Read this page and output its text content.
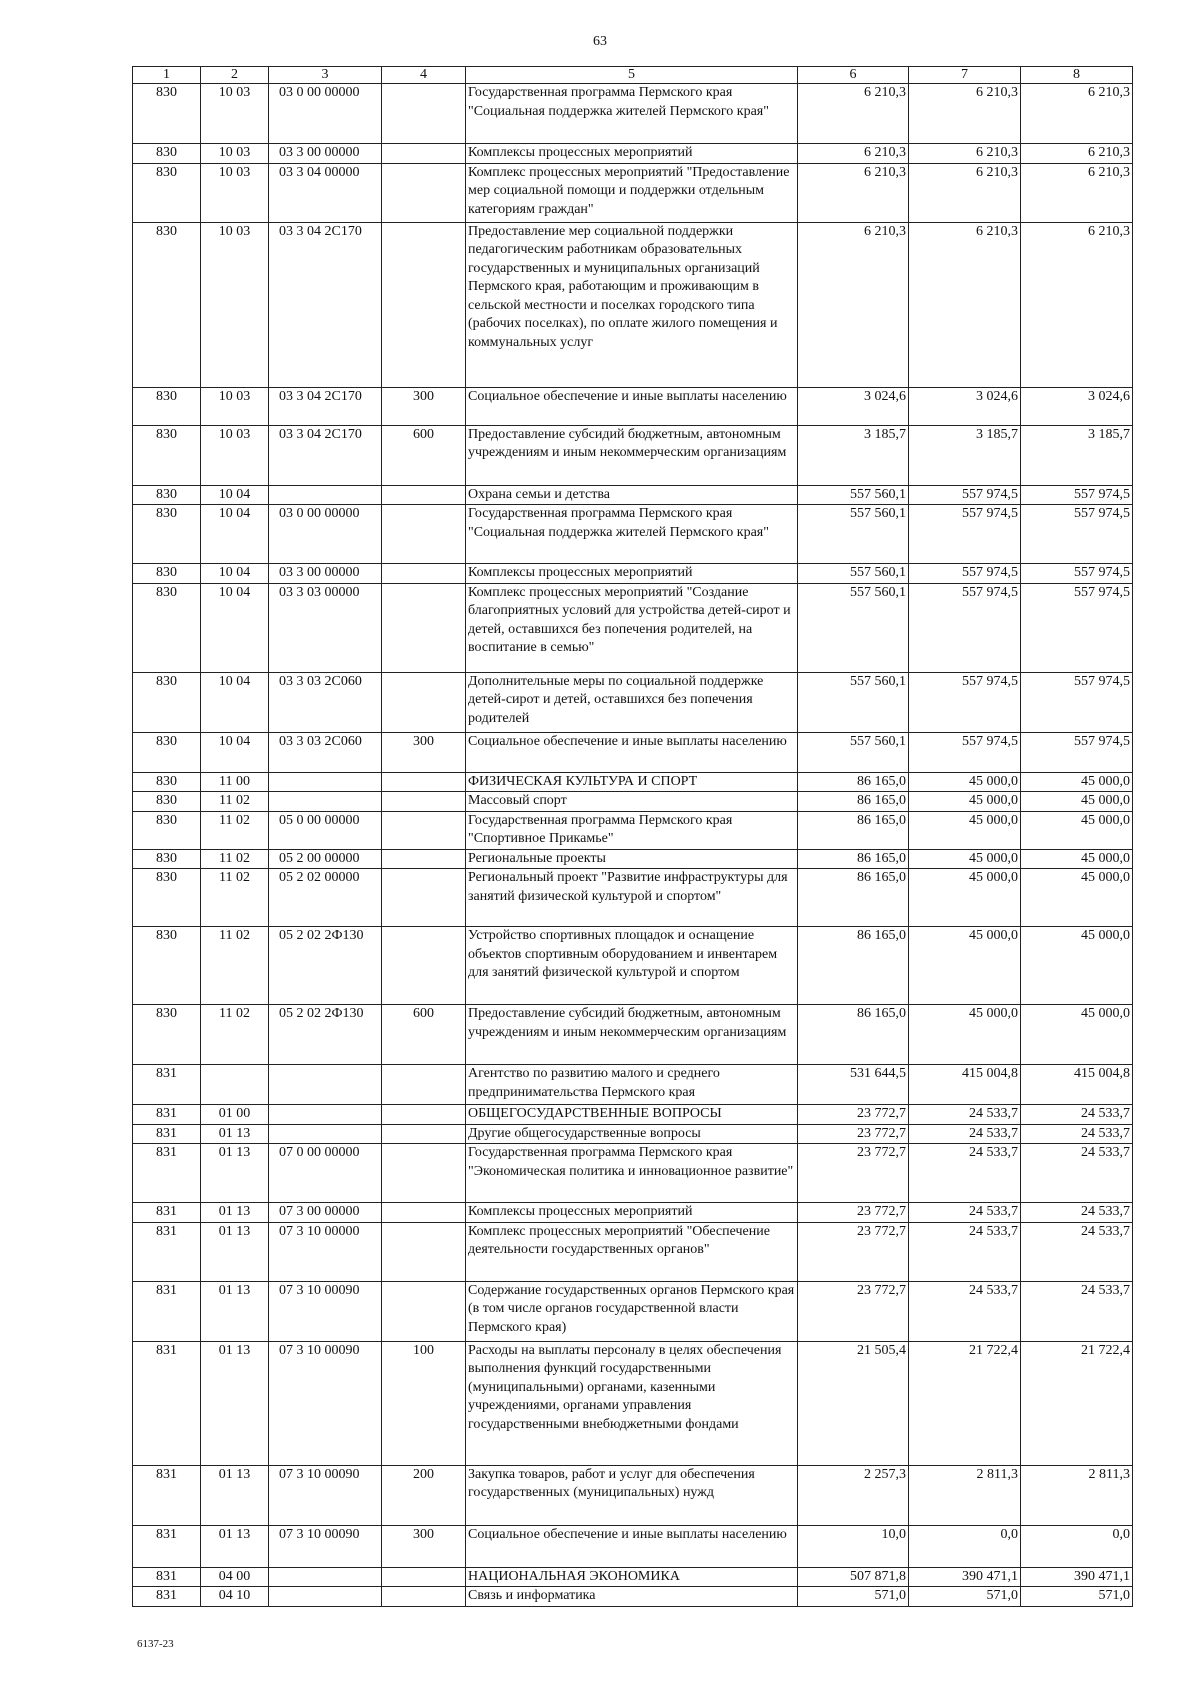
63
1	2	3	4	5	6	7	8
830	10 03	03 0 00 00000		Государственная программа Пермского края "Социальная поддержка жителей Пермского края"	6 210,3	6 210,3	6 210,3
830	10 03	03 3 00 00000		Комплексы процессных мероприятий	6 210,3	6 210,3	6 210,3
830	10 03	03 3 04 00000		Комплекс процессных мероприятий "Предоставление мер социальной помощи и поддержки отдельным категориям граждан"	6 210,3	6 210,3	6 210,3
830	10 03	03 3 04 2С170		Предоставление мер социальной поддержки педагогическим работникам образовательных государственных и муниципальных организаций Пермского края, работающим и проживающим в сельской местности и поселках городского типа (рабочих поселках), по оплате жилого помещения и коммунальных услуг	6 210,3	6 210,3	6 210,3
830	10 03	03 3 04 2С170	300	Социальное обеспечение и иные выплаты населению	3 024,6	3 024,6	3 024,6
830	10 03	03 3 04 2С170	600	Предоставление субсидий бюджетным, автономным учреждениям и иным некоммерческим организациям	3 185,7	3 185,7	3 185,7
830	10 04			Охрана семьи и детства	557 560,1	557 974,5	557 974,5
830	10 04	03 0 00 00000		Государственная программа Пермского края "Социальная поддержка жителей Пермского края"	557 560,1	557 974,5	557 974,5
830	10 04	03 3 00 00000		Комплексы процессных мероприятий	557 560,1	557 974,5	557 974,5
830	10 04	03 3 03 00000		Комплекс процессных мероприятий "Создание благоприятных условий для устройства детей-сирот и детей, оставшихся без попечения родителей, на воспитание в семью"	557 560,1	557 974,5	557 974,5
830	10 04	03 3 03 2С060		Дополнительные меры по социальной поддержке детей-сирот и детей, оставшихся без попечения родителей	557 560,1	557 974,5	557 974,5
830	10 04	03 3 03 2С060	300	Социальное обеспечение и иные выплаты населению	557 560,1	557 974,5	557 974,5
830	11 00			ФИЗИЧЕСКАЯ КУЛЬТУРА И СПОРТ	86 165,0	45 000,0	45 000,0
830	11 02			Массовый спорт	86 165,0	45 000,0	45 000,0
830	11 02	05 0 00 00000		Государственная программа Пермского края "Спортивное Прикамье"	86 165,0	45 000,0	45 000,0
830	11 02	05 2 00 00000		Региональные проекты	86 165,0	45 000,0	45 000,0
830	11 02	05 2 02 00000		Региональный проект "Развитие инфраструктуры для занятий физической культурой и спортом"	86 165,0	45 000,0	45 000,0
830	11 02	05 2 02 2Ф130		Устройство спортивных площадок и оснащение объектов спортивным оборудованием и инвентарем для занятий физической культурой и спортом	86 165,0	45 000,0	45 000,0
830	11 02	05 2 02 2Ф130	600	Предоставление субсидий бюджетным, автономным учреждениям и иным некоммерческим организациям	86 165,0	45 000,0	45 000,0
831				Агентство по развитию малого и среднего предпринимательства Пермского края	531 644,5	415 004,8	415 004,8
831	01 00			ОБЩЕГОСУДАРСТВЕННЫЕ ВОПРОСЫ	23 772,7	24 533,7	24 533,7
831	01 13			Другие общегосударственные вопросы	23 772,7	24 533,7	24 533,7
831	01 13	07 0 00 00000		Государственная программа Пермского края "Экономическая политика и инновационное развитие"	23 772,7	24 533,7	24 533,7
831	01 13	07 3 00 00000		Комплексы процессных мероприятий	23 772,7	24 533,7	24 533,7
831	01 13	07 3 10 00000		Комплекс процессных мероприятий "Обеспечение деятельности государственных органов"	23 772,7	24 533,7	24 533,7
831	01 13	07 3 10 00090		Содержание государственных органов Пермского края (в том числе органов государственной власти Пермского края)	23 772,7	24 533,7	24 533,7
831	01 13	07 3 10 00090	100	Расходы на выплаты персоналу в целях обеспечения выполнения функций государственными (муниципальными) органами, казенными учреждениями, органами управления государственными внебюджетными фондами	21 505,4	21 722,4	21 722,4
831	01 13	07 3 10 00090	200	Закупка товаров, работ и услуг для обеспечения государственных (муниципальных) нужд	2 257,3	2 811,3	2 811,3
831	01 13	07 3 10 00090	300	Социальное обеспечение и иные выплаты населению	10,0	0,0	0,0
831	04 00			НАЦИОНАЛЬНАЯ ЭКОНОМИКА	507 871,8	390 471,1	390 471,1
831	04 10			Связь и информатика	571,0	571,0	571,0
6137-23
